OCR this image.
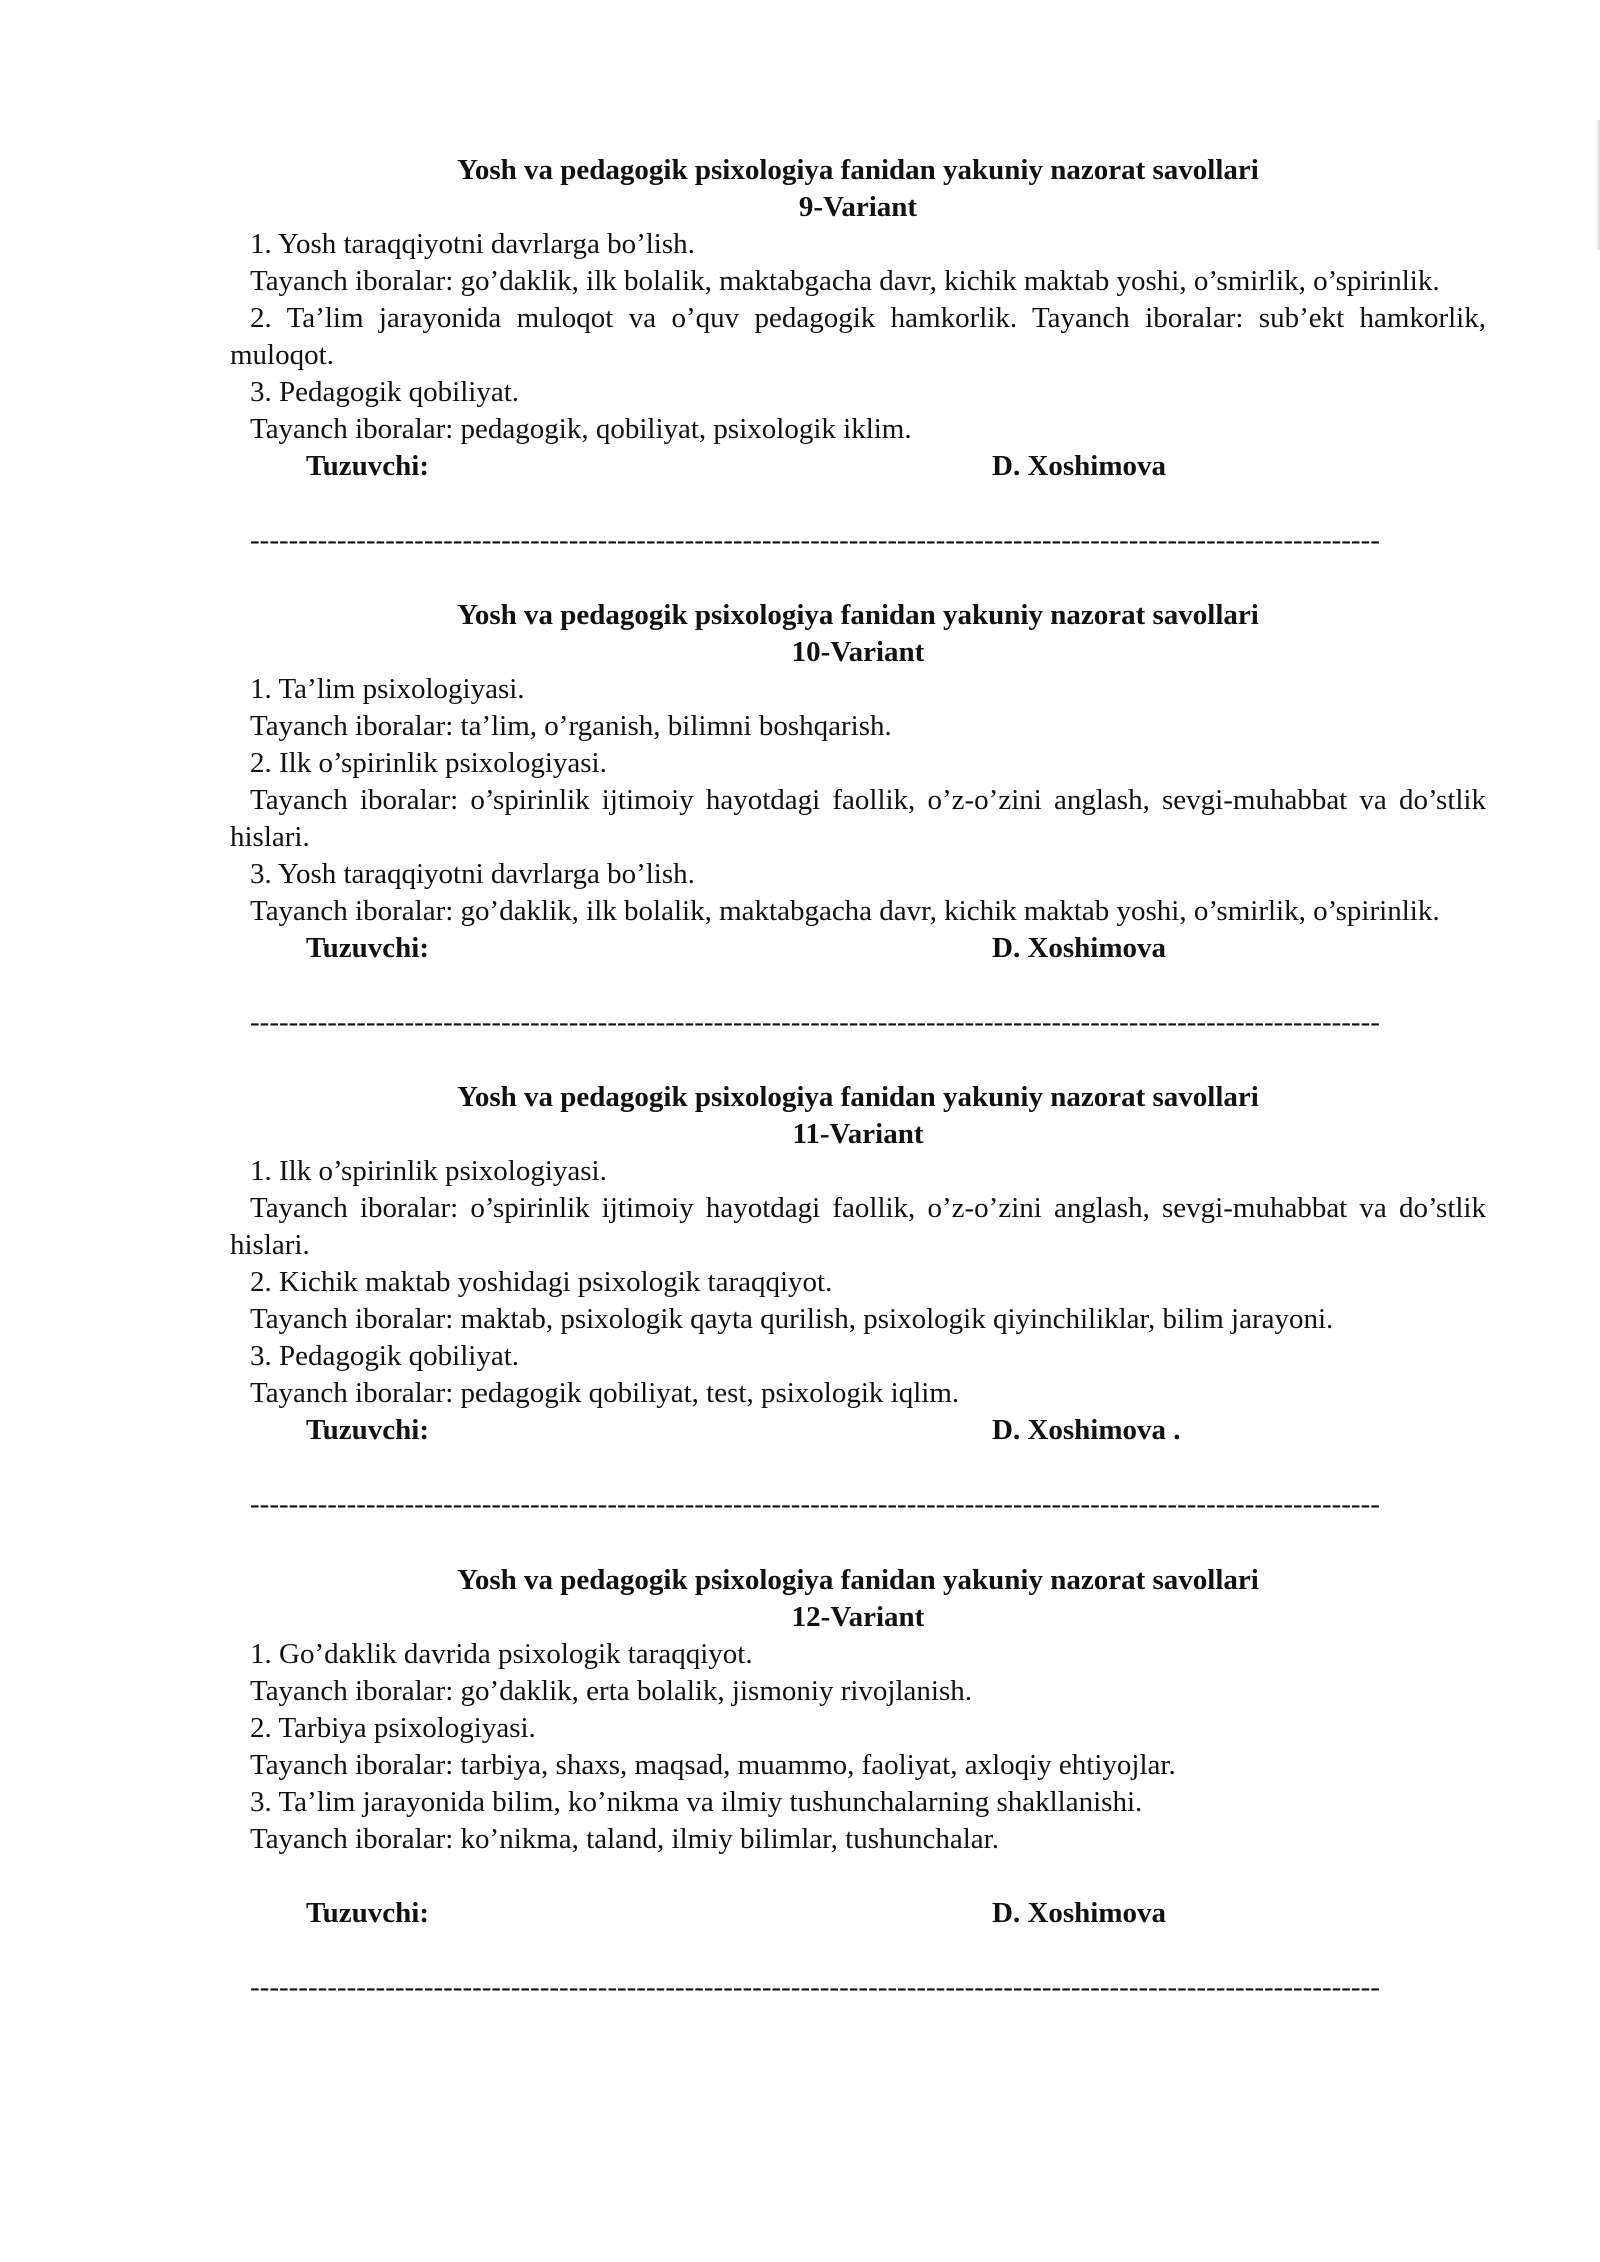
Yosh va pedagogik psixologiya fanidan yakuniy nazorat savollari
9-Variant

1. Yosh taraqqiyotni davrlarga bo’lish.

Tayanch iboralar: go’daklik, ilk bolalik, maktabgacha davr, kichik maktab yoshi, o’smirlik, o’spirinlik.

2. Ta’lim jarayonida muloqot va o’quv pedagogik hamkorlik. Tayanch iboralar: sub’ekt hamkorlik, muloqot.

3. Pedagogik qobiliyat.

Tayanch iboralar: pedagogik, qobiliyat, psixologik iklim.

Tuzuvchi:	D. Xoshimova
---------------------------------------------------------------------------------------------------------------------
Yosh va pedagogik psixologiya fanidan yakuniy nazorat savollari
10-Variant

1. Ta’lim psixologiyasi.

Tayanch iboralar: ta’lim, o’rganish, bilimni boshqarish.

2. Ilk o’spirinlik psixologiyasi.

Tayanch iboralar: o’spirinlik ijtimoiy hayotdagi faollik, o’z-o’zini anglash, sevgi-muhabbat va do’stlik hislari.

3. Yosh taraqqiyotni davrlarga bo’lish.

Tayanch iboralar: go’daklik, ilk bolalik, maktabgacha davr, kichik maktab yoshi, o’smirlik, o’spirinlik.

Tuzuvchi:	D. Xoshimova
---------------------------------------------------------------------------------------------------------------------
Yosh va pedagogik psixologiya fanidan yakuniy nazorat savollari
11-Variant

1. Ilk o’spirinlik psixologiyasi.

Tayanch iboralar: o’spirinlik ijtimoiy hayotdagi faollik, o’z-o’zini anglash, sevgi-muhabbat va do’stlik hislari.

2. Kichik maktab yoshidagi psixologik taraqqiyot.

Tayanch iboralar: maktab, psixologik qayta qurilish, psixologik qiyinchiliklar, bilim jarayoni.

3. Pedagogik qobiliyat.

Tayanch iboralar: pedagogik qobiliyat, test, psixologik iqlim.

Tuzuvchi:	D. Xoshimova .
---------------------------------------------------------------------------------------------------------------------
Yosh va pedagogik psixologiya fanidan yakuniy nazorat savollari
12-Variant

1. Go’daklik davrida psixologik taraqqiyot.

Tayanch iboralar: go’daklik, erta bolalik, jismoniy rivojlanish.

2. Tarbiya psixologiyasi.

Tayanch iboralar: tarbiya, shaxs, maqsad, muammo, faoliyat, axloqiy ehtiyojlar.

3. Ta’lim jarayonida bilim, ko’nikma va ilmiy tushunchalarning shakllanishi.

Tayanch iboralar: ko’nikma, taland, ilmiy bilimlar, tushunchalar.

Tuzuvchi:	D. Xoshimova
---------------------------------------------------------------------------------------------------------------------
